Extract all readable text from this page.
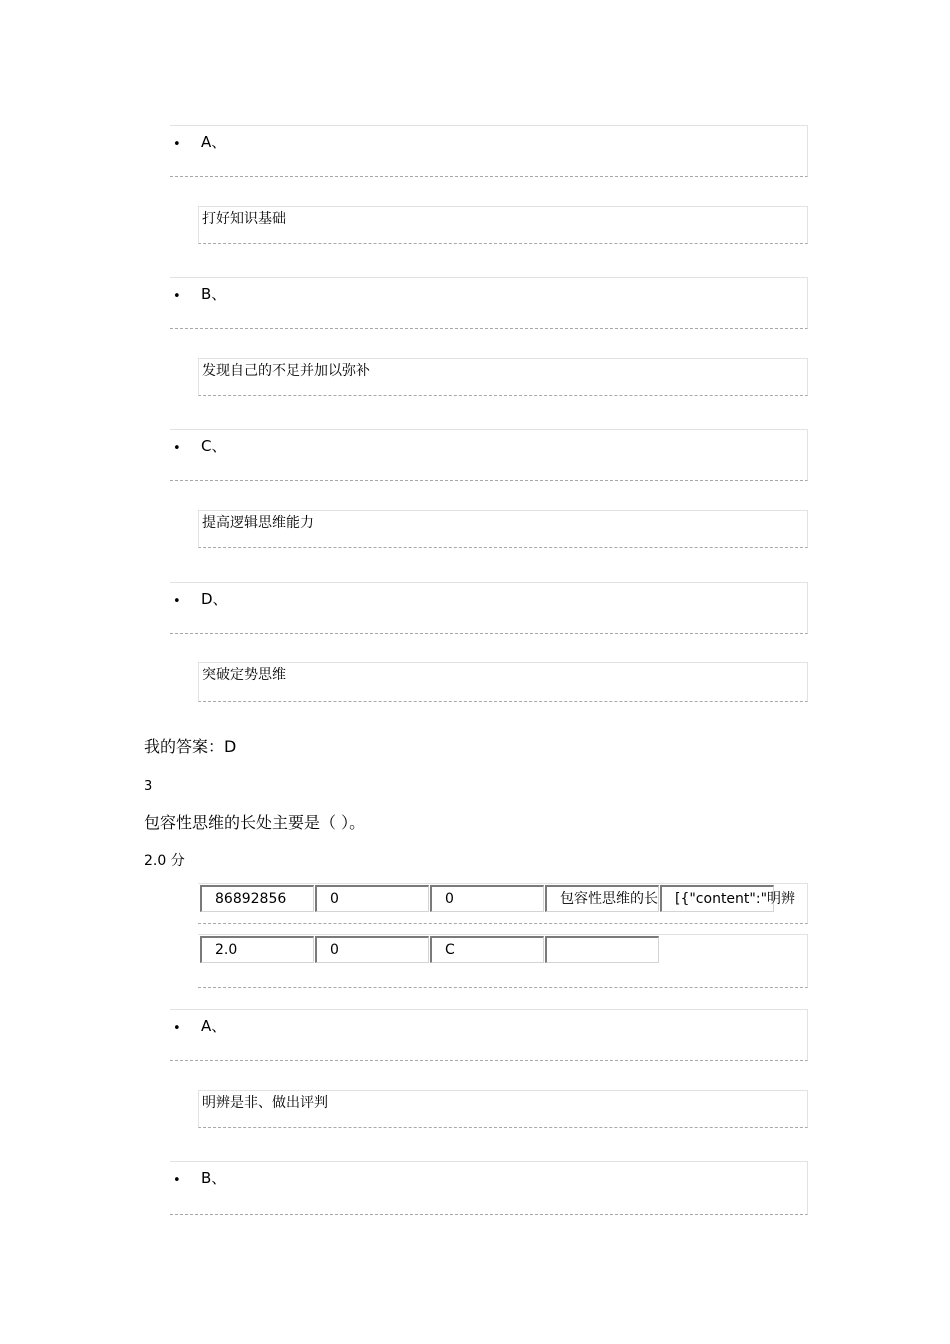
• A、
打好知识基础
• B、
发现自己的不足并加以弥补
• C、
提高逻辑思维能力
• D、
突破定势思维
我的答案：D
3
包容性思维的长处主要是（ ）。
2.0 分
86892856	0	0	包容性思维的长	[{"content":"明辨
2.0	0	C
• A、
明辨是非、做出评判
• B、
